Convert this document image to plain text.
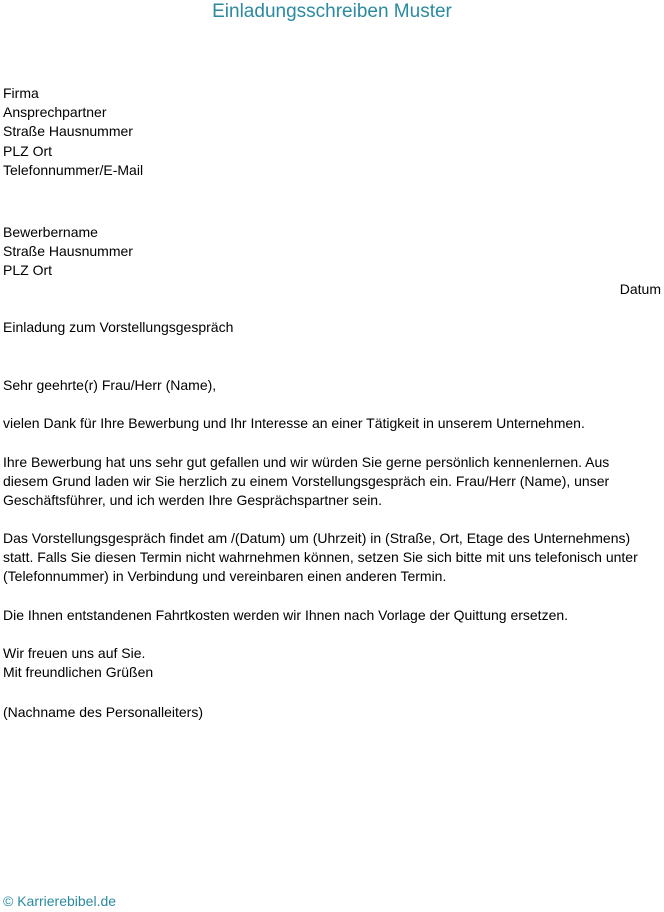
Einladungsschreiben Muster
Firma
Ansprechpartner
Straße Hausnummer
PLZ Ort
Telefonnummer/E-Mail
Bewerbername
Straße Hausnummer
PLZ Ort
Datum
Einladung zum Vorstellungsgespräch
Sehr geehrte(r) Frau/Herr (Name),
vielen Dank für Ihre Bewerbung und Ihr Interesse an einer Tätigkeit in unserem Unternehmen.
Ihre Bewerbung hat uns sehr gut gefallen und wir würden Sie gerne persönlich kennenlernen. Aus
diesem Grund laden wir Sie herzlich zu einem Vorstellungsgespräch ein. Frau/Herr (Name), unser
Geschäftsführer, und ich werden Ihre Gesprächspartner sein.
Das Vorstellungsgespräch findet am /(Datum) um (Uhrzeit) in (Straße, Ort, Etage des Unternehmens)
statt. Falls Sie diesen Termin nicht wahrnehmen können, setzen Sie sich bitte mit uns telefonisch unter
(Telefonnummer) in Verbindung und vereinbaren einen anderen Termin.
Die Ihnen entstandenen Fahrtkosten werden wir Ihnen nach Vorlage der Quittung ersetzen.
Wir freuen uns auf Sie.
Mit freundlichen Grüßen
(Nachname des Personalleiters)
© Karrierebibel.de
